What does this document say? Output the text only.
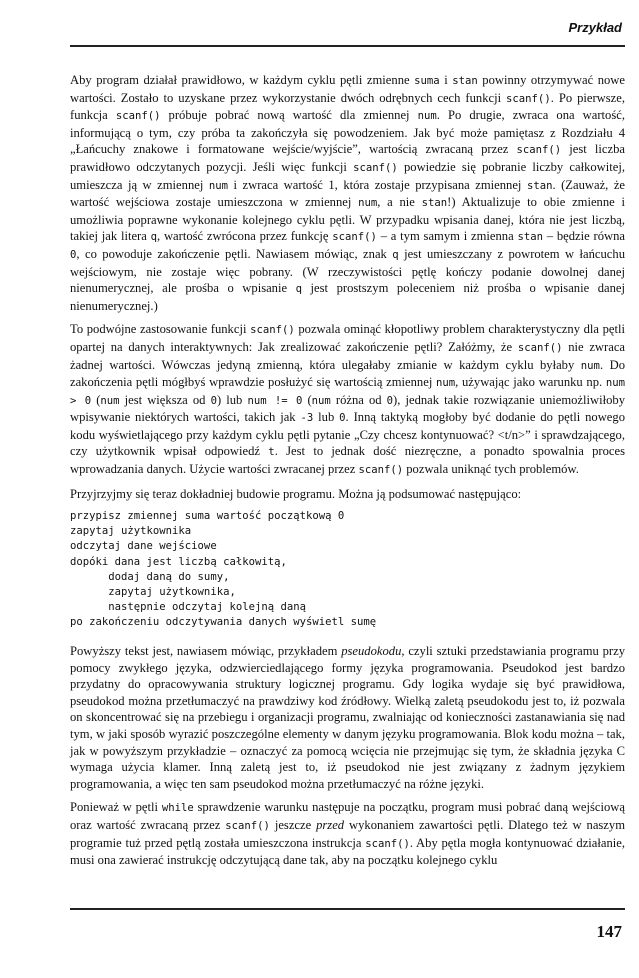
Przykład

Aby program działał prawidłowo, w każdym cyklu pętli zmienne suma i stan powinny otrzymywać nowe wartości. Zostało to uzyskane przez wykorzystanie dwóch odrębnych cech funkcji scanf(). Po pierwsze, funkcja scanf() próbuje pobrać nową wartość dla zmiennej num. Po drugie, zwraca ona wartość, informującą o tym, czy próba ta zakończyła się powodzeniem. Jak być może pamiętasz z Rozdziału 4 „Łańcuchy znakowe i formatowane wejście/wyjście”, wartością zwracaną przez scanf() jest liczba prawidłowo odczytanych pozycji. Jeśli więc funkcji scanf() powiedzie się pobranie liczby całkowitej, umieszcza ją w zmiennej num i zwraca wartość 1, która zostaje przypisana zmiennej stan. (Zauważ, że wartość wejściowa zostaje umieszczona w zmiennej num, a nie stan!) Aktualizuje to obie zmienne i umożliwia poprawne wykonanie kolejnego cyklu pętli. W przypadku wpisania danej, która nie jest liczbą, takiej jak litera q, wartość zwrócona przez funkcję scanf() – a tym samym i zmienna stan – będzie równa 0, co powoduje zakończenie pętli. Nawiasem mówiąc, znak q jest umieszczany z powrotem w łańcuchu wejściowym, nie zostaje więc pobrany. (W rzeczywistości pętlę kończy podanie dowolnej danej nienumerycznej, ale prośba o wpisanie q jest prostszym poleceniem niż prośba o wpisanie danej nienumerycznej.)

To podwójne zastosowanie funkcji scanf() pozwala ominąć kłopotliwy problem charakterystyczny dla pętli opartej na danych interaktywnych: Jak zrealizować zakończenie pętli? Załóżmy, że scanf() nie zwraca żadnej wartości. Wówczas jedyną zmienną, która ulegałaby zmianie w każdym cyklu byłaby num. Do zakończenia pętli mógłbyś wprawdzie posłużyć się wartością zmiennej num, używając jako warunku np. num > 0 (num jest większa od 0) lub num != 0 (num różna od 0), jednak takie rozwiązanie uniemożliwiłoby wpisywanie niektórych wartości, takich jak -3 lub 0. Inną taktyką mogłoby być dodanie do pętli nowego kodu wyświetlającego przy każdym cyklu pętli pytanie „Czy chcesz kontynuować? <t/n>” i sprawdzającego, czy użytkownik wpisał odpowiedź t. Jest to jednak dość niezręczne, a ponadto spowalnia proces wprowadzania danych. Użycie wartości zwracanej przez scanf() pozwala uniknąć tych problemów.

Przyjrzyjmy się teraz dokładniej budowie programu. Można ją podsumować następująco:

przypisz zmiennej suma wartość początkową 0
zapytaj użytkownika
odczytaj dane wejściowe
dopóki dana jest liczbą całkowitą,
dodaj daną do sumy,
zapytaj użytkownika,
następnie odczytaj kolejną daną
po zakończeniu odczytywania danych wyświetl sumę

Powyższy tekst jest, nawiasem mówiąc, przykładem pseudokodu, czyli sztuki przedstawiania programu przy pomocy zwykłego języka, odzwierciedlającego formy języka programowania. Pseudokod jest bardzo przydatny do opracowywania struktury logicznej programu. Gdy logika wydaje się być prawidłowa, pseudokod można przetłumaczyć na prawdziwy kod źródłowy. Wielką zaletą pseudokodu jest to, iż pozwala on skoncentrować się na przebiegu i organizacji programu, zwalniając od konieczności zastanawiania się nad tym, w jaki sposób wyrazić poszczególne elementy w danym języku programowania. Blok kodu można – tak, jak w powyższym przykładzie – oznaczyć za pomocą wcięcia nie przejmując się tym, że składnia języka C wymaga użycia klamer. Inną zaletą jest to, iż pseudokod nie jest związany z żadnym językiem programowania, a więc ten sam pseudokod można przetłumaczyć na różne języki.

Ponieważ w pętli while sprawdzenie warunku następuje na początku, program musi pobrać daną wejściową oraz wartość zwracaną przez scanf() jeszcze przed wykonaniem zawartości pętli. Dlatego też w naszym programie tuż przed pętlą została umieszczona instrukcja scanf(). Aby pętla mogła kontynuować działanie, musi ona zawierać instrukcję odczytującą dane tak, aby na początku kolejnego cyklu

147
